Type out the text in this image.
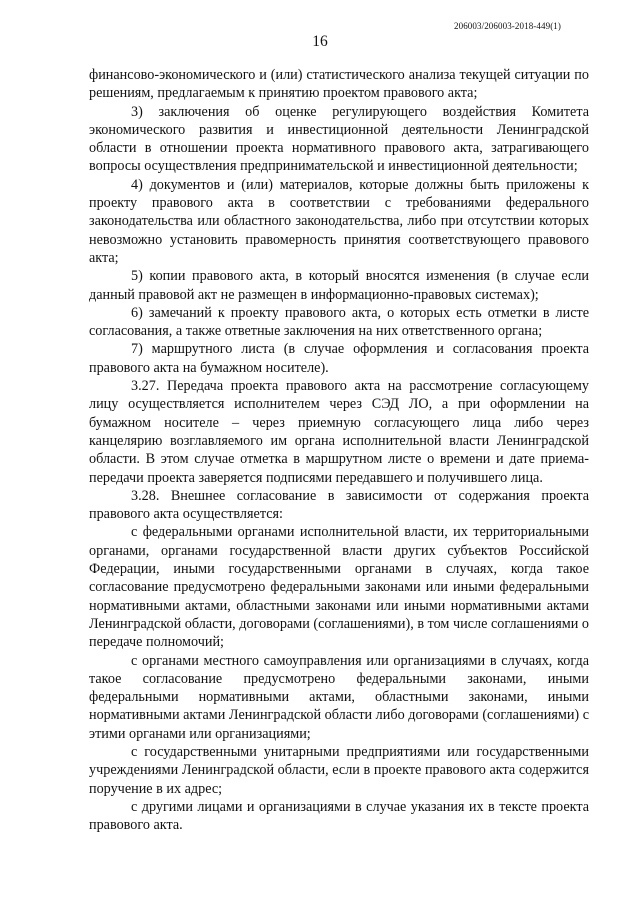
206003/206003-2018-449(1)
16

финансово-экономического и (или) статистического анализа текущей ситуации по решениям, предлагаемым к принятию проектом правового акта;

3) заключения об оценке регулирующего воздействия Комитета экономического развития и инвестиционной деятельности Ленинградской области в отношении проекта нормативного правового акта, затрагивающего вопросы осуществления предпринимательской и инвестиционной деятельности;

4) документов и (или) материалов, которые должны быть приложены к проекту правового акта в соответствии с требованиями федерального законодательства или областного законодательства, либо при отсутствии которых невозможно установить правомерность принятия соответствующего правового акта;

5) копии правового акта, в который вносятся изменения (в случае если данный правовой акт не размещен в информационно-правовых системах);

6) замечаний к проекту правового акта, о которых есть отметки в листе согласования, а также ответные заключения на них ответственного органа;

7) маршрутного листа (в случае оформления и согласования проекта правового акта на бумажном носителе).

3.27. Передача проекта правового акта на рассмотрение согласующему лицу осуществляется исполнителем через СЭД ЛО, а при оформлении на бумажном носителе – через приемную согласующего лица либо через канцелярию возглавляемого им органа исполнительной власти Ленинградской области. В этом случае отметка в маршрутном листе о времени и дате приема-передачи проекта заверяется подписями передавшего и получившего лица.

3.28. Внешнее согласование в зависимости от содержания проекта правового акта осуществляется:

с федеральными органами исполнительной власти, их территориальными органами, органами государственной власти других субъектов Российской Федерации, иными государственными органами в случаях, когда такое согласование предусмотрено федеральными законами или иными федеральными нормативными актами, областными законами или иными нормативными актами Ленинградской области, договорами (соглашениями), в том числе соглашениями о передаче полномочий;

с органами местного самоуправления или организациями в случаях, когда такое согласование предусмотрено федеральными законами, иными федеральными нормативными актами, областными законами, иными нормативными актами Ленинградской области либо договорами (соглашениями) с этими органами или организациями;

с государственными унитарными предприятиями или государственными учреждениями Ленинградской области, если в проекте правового акта содержится поручение в их адрес;

с другими лицами и организациями в случае указания их в тексте проекта правового акта.
